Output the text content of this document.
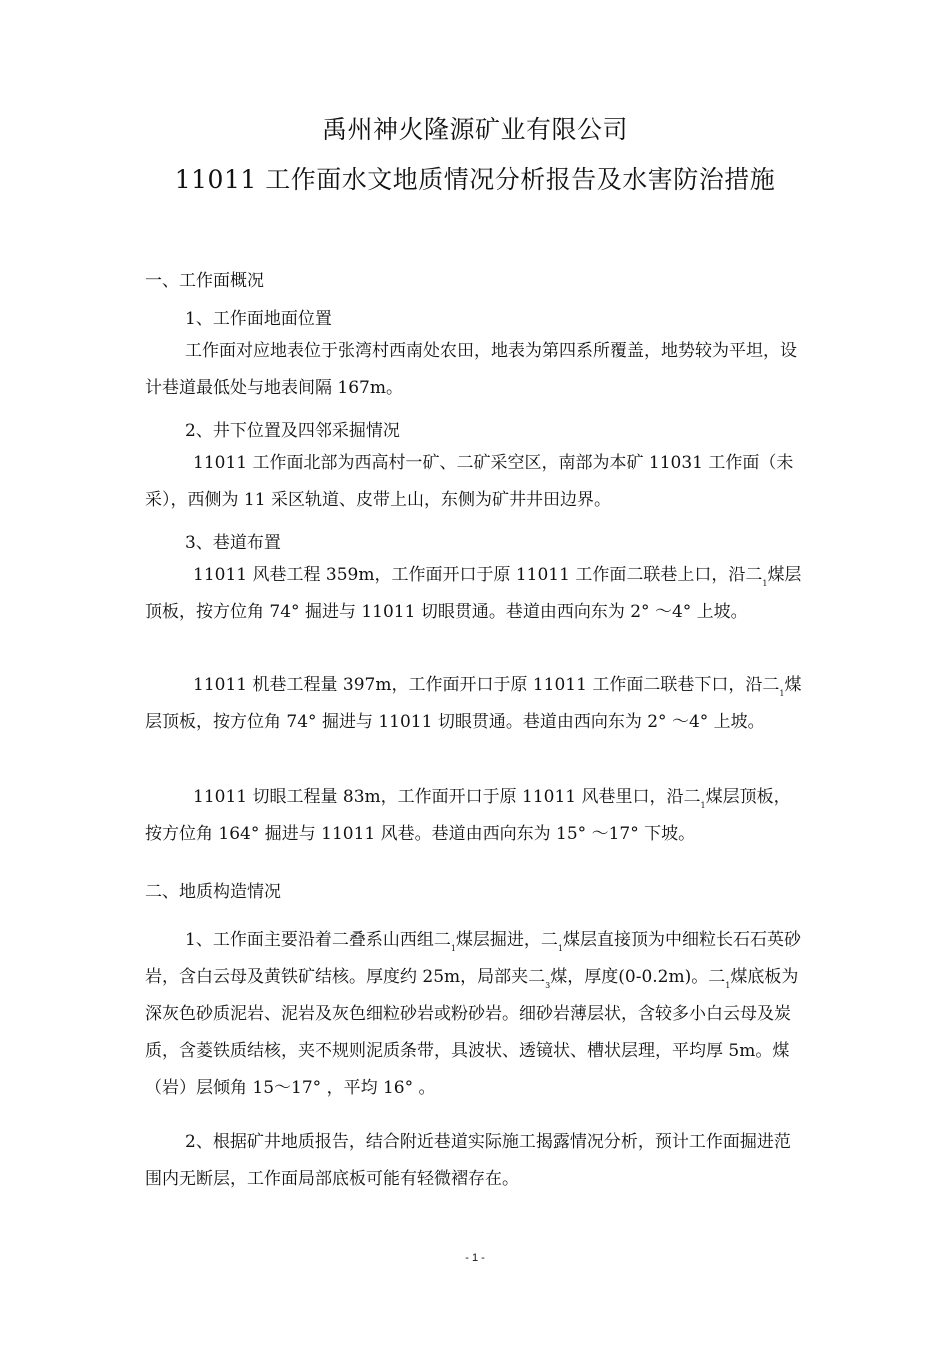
禹州神火隆源矿业有限公司
11011 工作面水文地质情况分析报告及水害防治措施
一、工作面概况
1、工作面地面位置
工作面对应地表位于张湾村西南处农田，地表为第四系所覆盖，地势较为平坦，设计巷道最低处与地表间隔 167m。
2、井下位置及四邻采掘情况
11011 工作面北部为西高村一矿、二矿采空区，南部为本矿 11031 工作面（未采），西侧为 11 采区轨道、皮带上山，东侧为矿井井田边界。
3、巷道布置
11011 风巷工程 359m，工作面开口于原 11011 工作面二联巷上口，沿二$_1$煤层顶板，按方位角 74° 掘进与 11011 切眼贯通。巷道由西向东为 2° ～4° 上坡。
11011 机巷工程量 397m，工作面开口于原 11011 工作面二联巷下口，沿二$_1$煤层顶板，按方位角 74° 掘进与 11011 切眼贯通。巷道由西向东为 2° ～4° 上坡。
11011 切眼工程量 83m，工作面开口于原 11011 风巷里口，沿二$_1$煤层顶板，按方位角 164° 掘进与 11011 风巷。巷道由西向东为 15° ～17° 下坡。
二、地质构造情况
1、工作面主要沿着二叠系山西组二$_1$煤层掘进，二$_1$煤层直接顶为中细粒长石石英砂岩，含白云母及黄铁矿结核。厚度约 25m，局部夹二$_3$煤，厚度(0-0.2m)。二$_1$煤底板为深灰色砂质泥岩、泥岩及灰色细粒砂岩或粉砂岩。细砂岩薄层状，含较多小白云母及炭质，含菱铁质结核，夹不规则泥质条带，具波状、透镜状、槽状层理，平均厚 5m。煤（岩）层倾角 15～17° ，平均 16° 。
2、根据矿井地质报告，结合附近巷道实际施工揭露情况分析，预计工作面掘进范围内无断层，工作面局部底板可能有轻微褶存在。
- 1 -
